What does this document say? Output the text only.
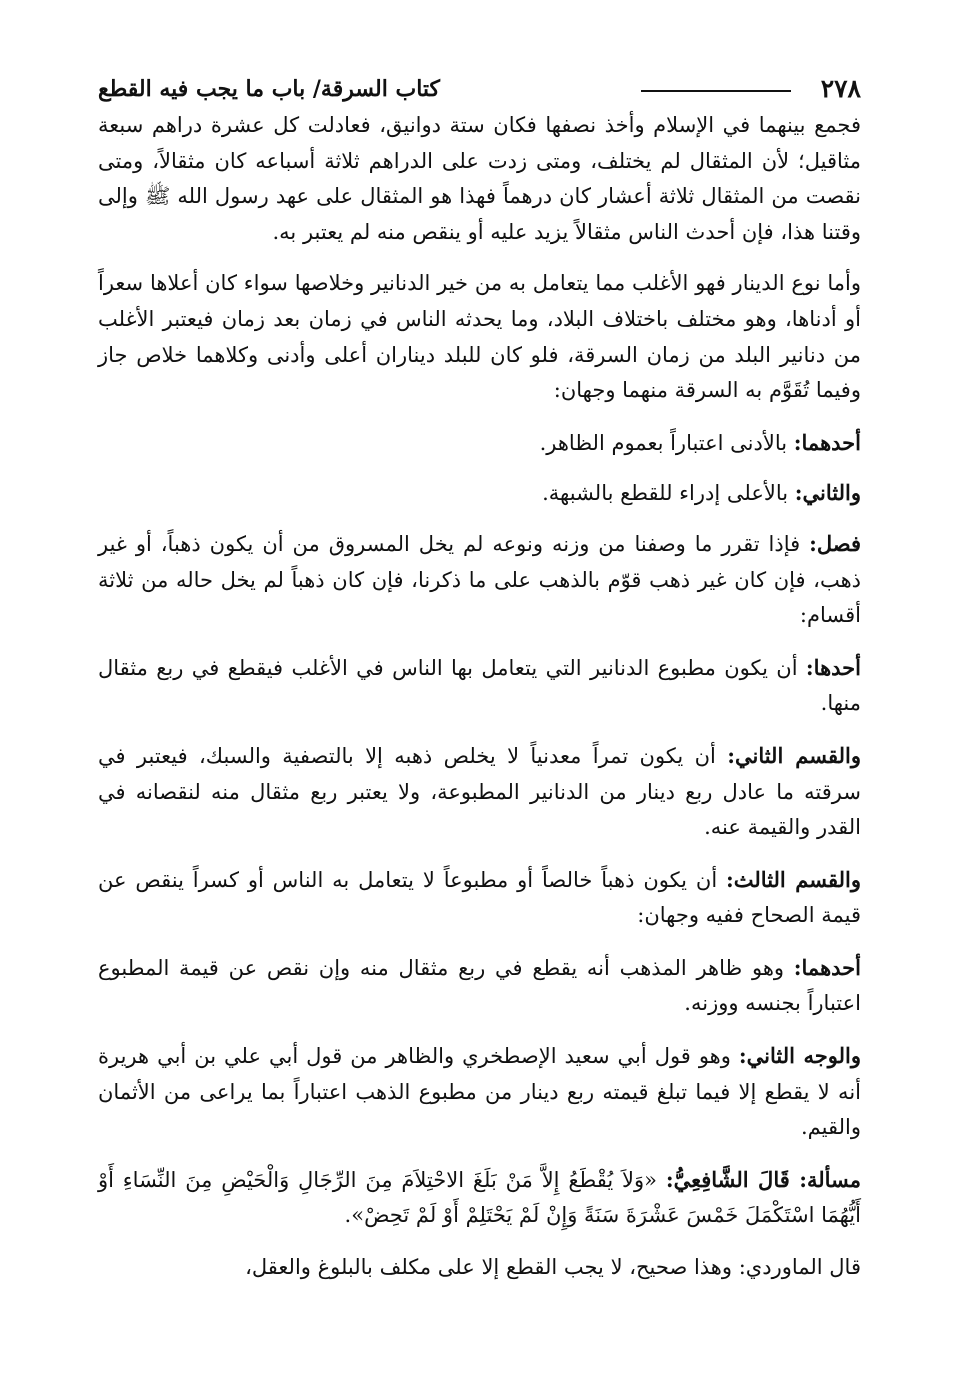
٢٧٨
كتاب السرقة/ باب ما يجب فيه القطع

فجمع بينهما في الإسلام وأخذ نصفها فكان ستة دوانيق، فعادلت كل عشرة دراهم سبعة مثاقيل؛ لأن المثقال لم يختلف، ومتى زدت على الدراهم ثلاثة أسباعه كان مثقالاً، ومتى نقصت من المثقال ثلاثة أعشار كان درهماً فهذا هو المثقال على عهد رسول الله ﷺ وإلى وقتنا هذا، فإن أحدث الناس مثقالاً يزيد عليه أو ينقص منه لم يعتبر به.

وأما نوع الدينار فهو الأغلب مما يتعامل به من خير الدنانير وخلاصها سواء كان أعلاها سعراً أو أدناها، وهو مختلف باختلاف البلاد، وما يحدثه الناس في زمان بعد زمان فيعتبر الأغلب من دنانير البلد من زمان السرقة، فلو كان للبلد ديناران أعلى وأدنى وكلاهما خلاص جاز وفيما تُقَوَّم به السرقة منهما وجهان:

أحدهما: بالأدنى اعتباراً بعموم الظاهر.

والثاني: بالأعلى إدراء للقطع بالشبهة.

فصل: فإذا تقرر ما وصفنا من وزنه ونوعه لم يخل المسروق من أن يكون ذهباً، أو غير ذهب، فإن كان غير ذهب قوّم بالذهب على ما ذكرنا، فإن كان ذهباً لم يخل حاله من ثلاثة أقسام:

أحدها: أن يكون مطبوع الدنانير التي يتعامل بها الناس في الأغلب فيقطع في ربع مثقال منها.

والقسم الثاني: أن يكون تمراً معدنياً لا يخلص ذهبه إلا بالتصفية والسبك، فيعتبر في سرقته ما عادل ربع دينار من الدنانير المطبوعة، ولا يعتبر ربع مثقال منه لنقصانه في القدر والقيمة عنه.

والقسم الثالث: أن يكون ذهباً خالصاً أو مطبوعاً لا يتعامل به الناس أو كسراً ينقص عن قيمة الصحاح ففيه وجهان:

أحدهما: وهو ظاهر المذهب أنه يقطع في ربع مثقال منه وإن نقص عن قيمة المطبوع اعتباراً بجنسه ووزنه.

والوجه الثاني: وهو قول أبي سعيد الإصطخري والظاهر من قول أبي علي بن أبي هريرة أنه لا يقطع إلا فيما تبلغ قيمته ربع دينار من مطبوع الذهب اعتباراً بما يراعى من الأثمان والقيم.

مسألة: قَالَ الشَّافِعِيُّ: «وَلاَ يُقْطَعُ إِلاَّ مَنْ بَلَغَ الاحْتِلاَمَ مِنَ الرِّجَالِ وَالْحَيْضِ مِنَ النِّسَاءِ أَوْ أَيُّهُمَا اسْتَكْمَلَ خَمْسَ عَشْرَةَ سَنَةً وَإِنْ لَمْ يَحْتَلِمْ أَوْ لَمْ تَحِضْ».

قال الماوردي: وهذا صحيح، لا يجب القطع إلا على مكلف بالبلوغ والعقل،
